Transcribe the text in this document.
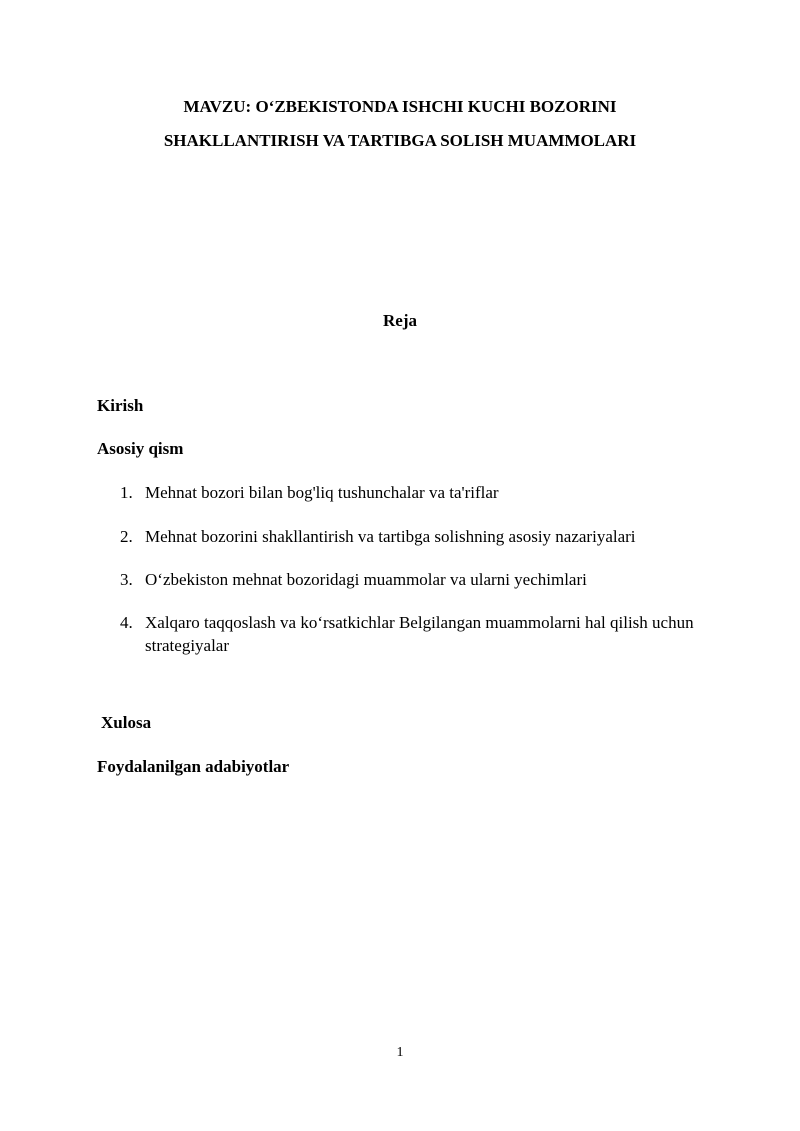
MAVZU: O‘ZBEKISTONDA ISHCHI KUCHI BOZORINI
SHAKLLANTIRISH VA TARTIBGA SOLISH MUAMMOLARI
Reja
Kirish
Asosiy qism
1. Mehnat bozori bilan bog'liq tushunchalar va ta'riflar
2. Mehnat bozorini shakllantirish va tartibga solishning asosiy nazariyalari
3. O‘zbekiston mehnat bozoridagi muammolar va ularni yechimlari
4. Xalqaro taqqoslash va ko‘rsatkichlar Belgilangan muammolarni hal qilish uchun strategiyalar
Xulosa
Foydalanilgan adabiyotlar
1
